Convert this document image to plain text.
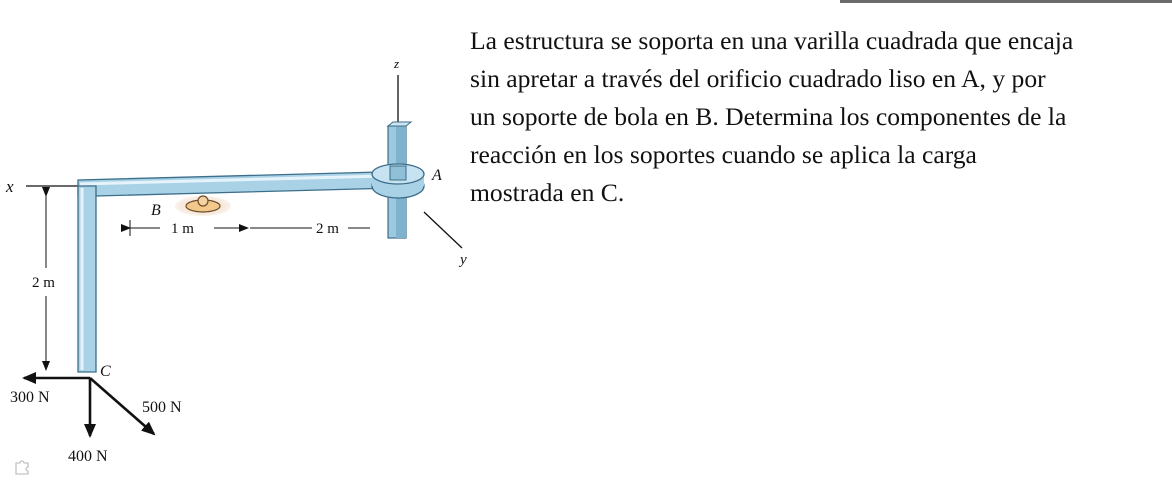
x
z
y
1 m	2 m
2 m
300 N
400 N
500 N
A
B
C
La estructura se soporta en una varilla cuadrada que encaja
sin apretar a través del orificio cuadrado liso en A, y por
un soporte de bola en B. Determina los componentes de la
reacción en los soportes cuando se aplica la carga
mostrada en C.
